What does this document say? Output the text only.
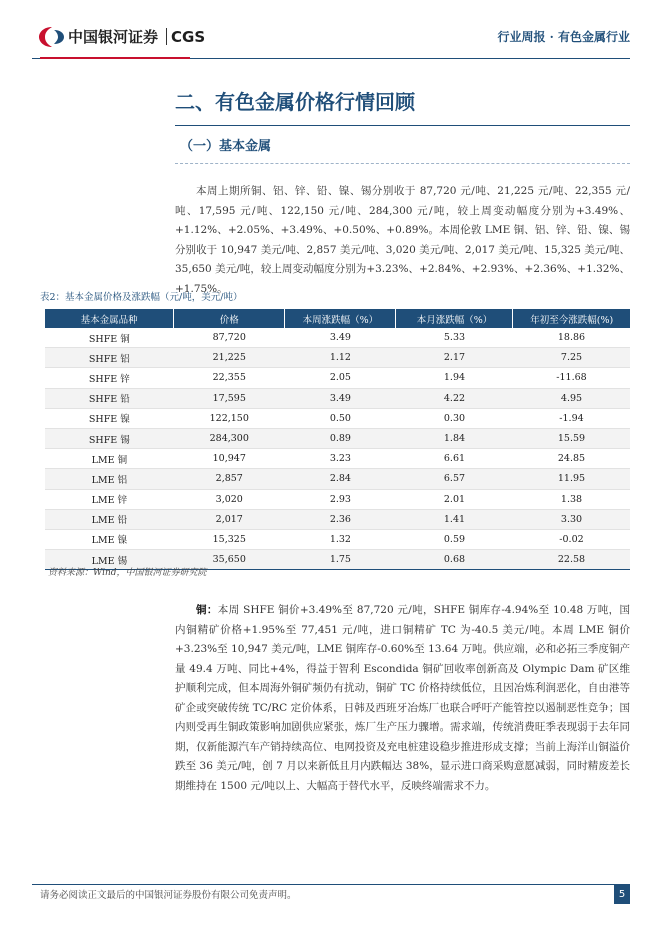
中国银河证券 CGS	行业周报 · 有色金属行业
二、有色金属价格行情回顾
（一）基本金属

本周上期所铜、铝、锌、铅、镍、锡分别收于 87,720 元/吨、21,225 元/吨、22,355 元/吨、17,595 元/吨、122,150 元/吨、284,300 元/吨，较上周变动幅度分别为+3.49%、+1.12%、+2.05%、+3.49%、+0.50%、+0.89%。本周伦敦 LME 铜、铝、锌、铅、镍、锡分别收于 10,947 美元/吨、2,857 美元/吨、3,020 美元/吨、2,017 美元/吨、15,325 美元/吨、35,650 美元/吨，较上周变动幅度分别为+3.23%、+2.84%、+2.93%、+2.36%、+1.32%、+1.75%。

表2：基本金属价格及涨跌幅（元/吨，美元/吨）
基本金属品种	价格	本周涨跌幅（%）	本月涨跌幅（%）	年初至今涨跌幅(%)
SHFE 铜	87,720	3.49	5.33	18.86
SHFE 铝	21,225	1.12	2.17	7.25
SHFE 锌	22,355	2.05	1.94	-11.68
SHFE 铅	17,595	3.49	4.22	4.95
SHFE 镍	122,150	0.50	0.30	-1.94
SHFE 锡	284,300	0.89	1.84	15.59
LME 铜	10,947	3.23	6.61	24.85
LME 铝	2,857	2.84	6.57	11.95
LME 锌	3,020	2.93	2.01	1.38
LME 铅	2,017	2.36	1.41	3.30
LME 镍	15,325	1.32	0.59	-0.02
LME 锡	35,650	1.75	0.68	22.58
资料来源：Wind，中国银河证券研究院

铜：本周 SHFE 铜价+3.49%至 87,720 元/吨，SHFE 铜库存-4.94%至 10.48 万吨，国内铜精矿价格+1.95%至 77,451 元/吨，进口铜精矿 TC 为-40.5 美元/吨。本周 LME 铜价+3.23%至 10,947 美元/吨，LME 铜库存-0.60%至 13.64 万吨。供应端，必和必拓三季度铜产量 49.4 万吨、同比+4%，得益于智利 Escondida 铜矿回收率创新高及 Olympic Dam 矿区维护顺利完成，但本周海外铜矿频仍有扰动，铜矿 TC 价格持续低位，且因冶炼利润恶化，自由港等矿企或突破传统 TC/RC 定价体系，日韩及西班牙冶炼厂也联合呼吁产能管控以遏制恶性竞争；国内则受再生铜政策影响加剧供应紧张，炼厂生产压力骤增。需求端，传统消费旺季表现弱于去年同期，仅新能源汽车产销持续高位、电网投资及充电桩建设稳步推进形成支撑；当前上海洋山铜溢价跌至 36 美元/吨，创 7 月以来新低且月内跌幅达 38%，显示进口商采购意愿减弱，同时精废差长期维持在 1500 元/吨以上、大幅高于替代水平，反映终端需求不力。

请务必阅读正文最后的中国银河证券股份有限公司免责声明。	5
